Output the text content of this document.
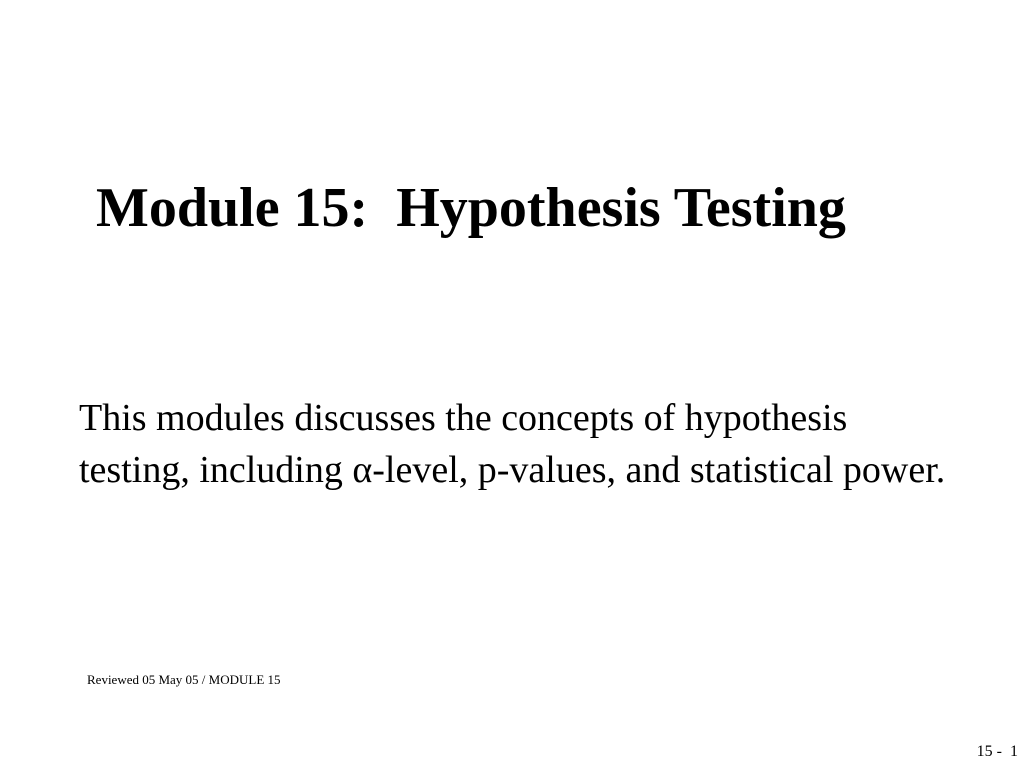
Module 15:  Hypothesis Testing

This modules discusses the concepts of hypothesis testing, including α-level, p-values, and statistical power.

Reviewed 05 May 05 / MODULE 15
15 -  1
